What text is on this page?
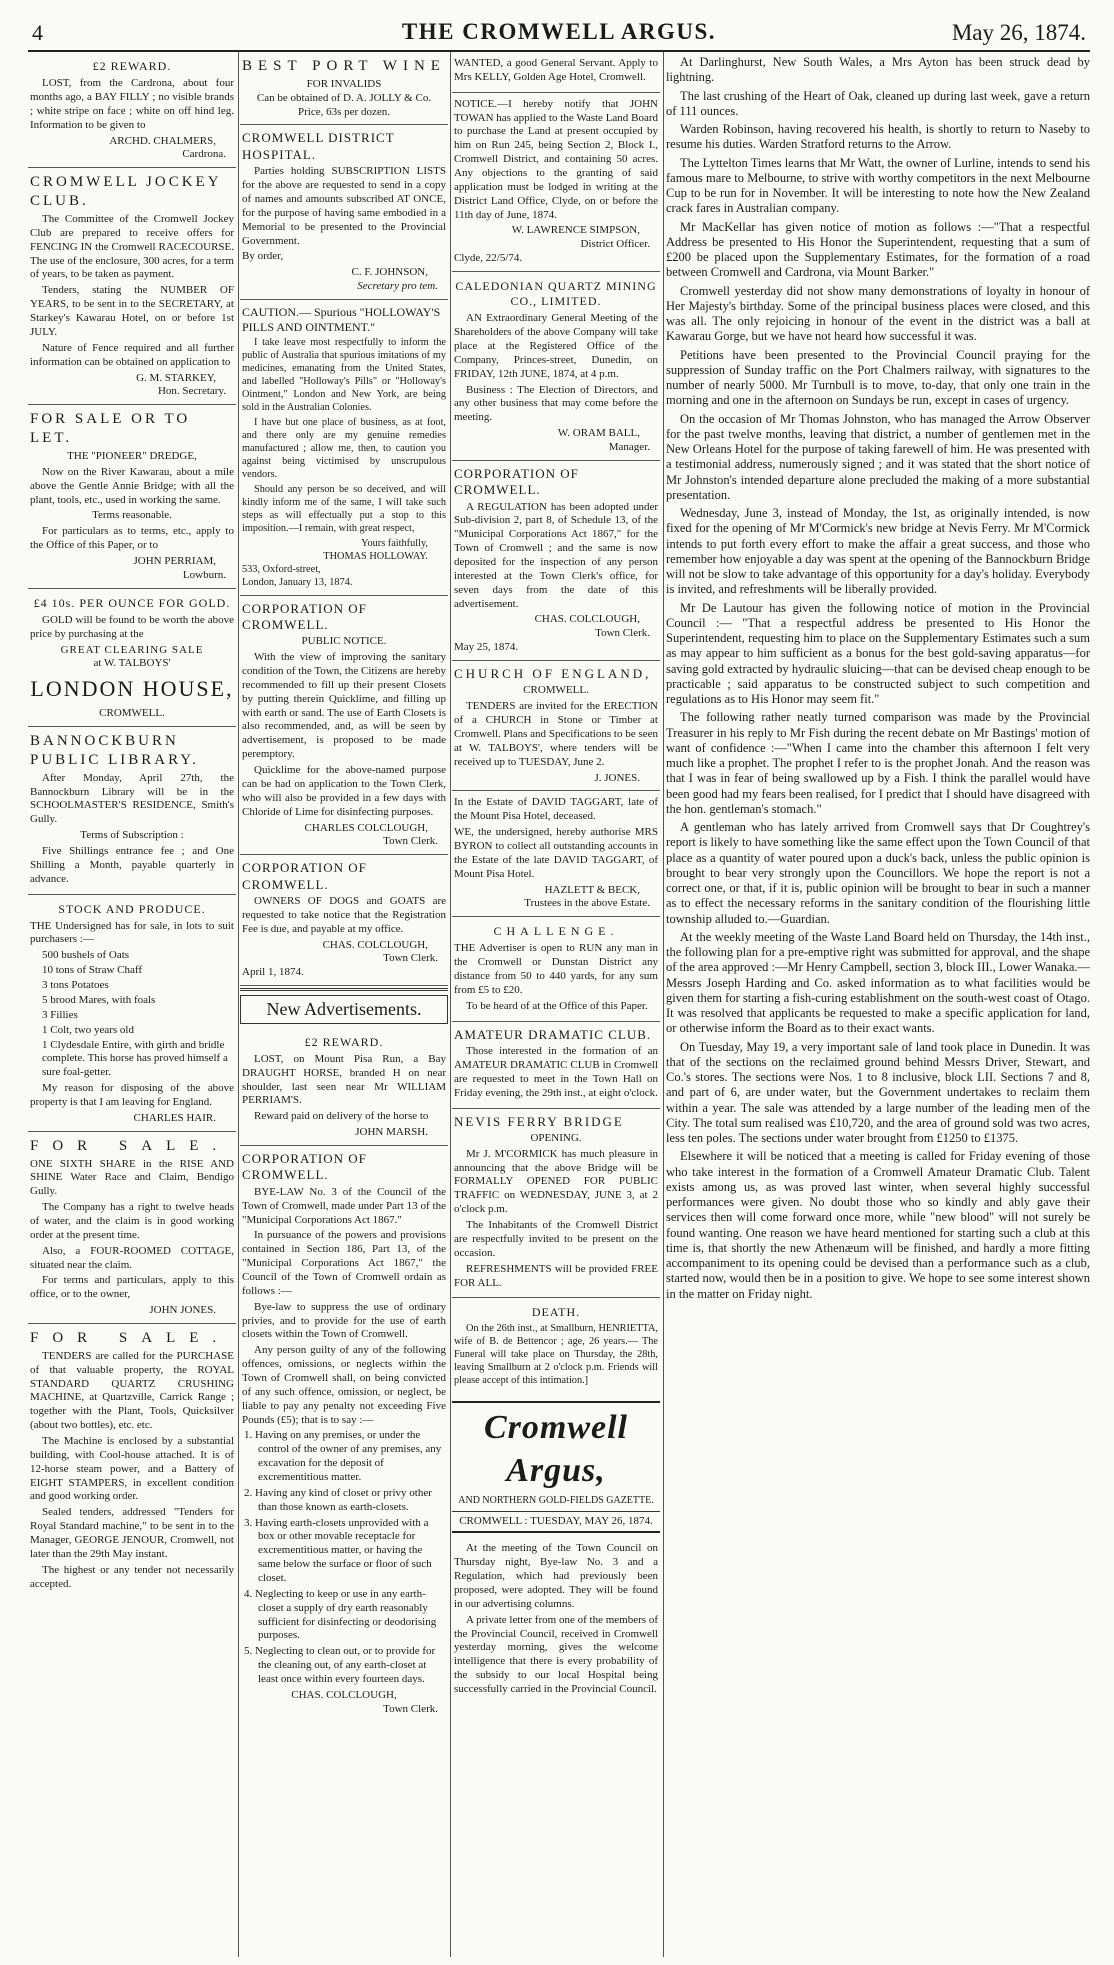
4	THE CROMWELL ARGUS.	May 26, 1874.
£2 REWARD.

LOST, from the Cardrona, about four months ago, a BAY FILLY ; no visible brands ; white stripe on face ; white on off hind leg. Information to be given to

ARCHD. CHALMERS,
Cardrona.
CROMWELL JOCKEY CLUB.

The Committee of the Cromwell Jockey Club are prepared to receive offers for FENCING IN the Cromwell RACECOURSE. The use of the enclosure, 300 acres, for a term of years, to be taken as payment.

Tenders, stating the NUMBER OF YEARS, to be sent in to the SECRETARY, at Starkey's Kawarau Hotel, on or before 1st JULY.

Nature of Fence required and all further information can be obtained on application to

G. M. STARKEY,
Hon. Secretary.
FOR SALE OR TO LET.
THE "PIONEER" DREDGE,

Now on the River Kawarau, about a mile above the Gentle Annie Bridge; with all the plant, tools, etc., used in working the same.

Terms reasonable.

For particulars as to terms, etc., apply to the Office of this Paper, or to

JOHN PERRIAM,
Lowburn.
£4 10s. PER OUNCE FOR GOLD.

GOLD will be found to be worth the above price by purchasing at the

GREAT CLEARING SALE
at W. TALBOYS'
LONDON HOUSE,
CROMWELL.
BANNOCKBURN PUBLIC LIBRARY.

After Monday, April 27th, the Bannockburn Library will be in the SCHOOLMASTER'S RESIDENCE, Smith's Gully.

Terms of Subscription :

Five Shillings entrance fee ; and One Shilling a Month, payable quarterly in advance.

STOCK AND PRODUCE.

THE Undersigned has for sale, in lots to suit purchasers :—

500 bushels of Oats
10 tons of Straw Chaff
3 tons Potatoes
5 brood Mares, with foals
3 Fillies
1 Colt, two years old
1 Clydesdale Entire, with girth and bridle complete. This horse has proved himself a sure foal-getter.

My reason for disposing of the above property is that I am leaving for England.

CHARLES HAIR.
FOR SALE.

ONE SIXTH SHARE in the RISE AND SHINE Water Race and Claim, Bendigo Gully.

The Company has a right to twelve heads of water, and the claim is in good working order at the present time.

Also, a FOUR-ROOMED COTTAGE, situated near the claim.

For terms and particulars, apply to this office, or to the owner,

JOHN JONES.
FOR SALE.

TENDERS are called for the PURCHASE of that valuable property, the ROYAL STANDARD QUARTZ CRUSHING MACHINE, at Quartzville, Carrick Range ; together with the Plant, Tools, Quicksilver (about two bottles), etc. etc.

The Machine is enclosed by a substantial building, with Cool-house attached. It is of 12-horse steam power, and a Battery of EIGHT STAMPERS, in excellent condition and good working order.

Sealed tenders, addressed "Tenders for Royal Standard machine," to be sent in to the Manager, GEORGE JENOUR, Cromwell, not later than the 29th May instant.

The highest or any tender not necessarily accepted.

BEST PORT WINE
FOR INVALIDS
Can be obtained of D. A. JOLLY & Co.
Price, 63s per dozen.
CROMWELL DISTRICT HOSPITAL.

Parties holding SUBSCRIPTION LISTS for the above are requested to send in a copy of names and amounts subscribed AT ONCE, for the purpose of having same embodied in a Memorial to be presented to the Provincial Government.

By order,

C. F. JOHNSON,
Secretary pro tem.
CAUTION.— Spurious "HOLLOWAY'S PILLS AND OINTMENT."

I take leave most respectfully to inform the public of Australia that spurious imitations of my medicines, emanating from the United States, and labelled "Holloway's Pills" or "Holloway's Ointment," London and New York, are being sold in the Australian Colonies.

I have but one place of business, as at foot, and there only are my genuine remedies manufactured ; allow me, then, to caution you against being victimised by unscrupulous vendors.

Should any person be so deceived, and will kindly inform me of the same, I will take such steps as will effectually put a stop to this imposition.—I remain, with great respect,

Yours faithfully,
THOMAS HOLLOWAY.
533, Oxford-street,
London, January 13, 1874.
CORPORATION OF CROMWELL.
PUBLIC NOTICE.

With the view of improving the sanitary condition of the Town, the Citizens are hereby recommended to fill up their present Closets by putting therein Quicklime, and filling up with earth or sand. The use of Earth Closets is also recommended, and, as will be seen by advertisement, is proposed to be made peremptory.

Quicklime for the above-named purpose can be had on application to the Town Clerk, who will also be provided in a few days with Chloride of Lime for disinfecting purposes.

CHARLES COLCLOUGH,
Town Clerk.
CORPORATION OF CROMWELL.

OWNERS OF DOGS and GOATS are requested to take notice that the Registration Fee is due, and payable at my office.

CHAS. COLCLOUGH,
Town Clerk.
April 1, 1874.
New Advertisements.
£2 REWARD.

LOST, on Mount Pisa Run, a Bay DRAUGHT HORSE, branded H on near shoulder, last seen near Mr WILLIAM PERRIAM'S.

Reward paid on delivery of the horse to

JOHN MARSH.
CORPORATION OF CROMWELL.

BYE-LAW No. 3 of the Council of the Town of Cromwell, made under Part 13 of the "Municipal Corporations Act 1867."

In pursuance of the powers and provisions contained in Section 186, Part 13, of the "Municipal Corporations Act 1867," the Council of the Town of Cromwell ordain as follows :—

Bye-law to suppress the use of ordinary privies, and to provide for the use of earth closets within the Town of Cromwell.

Any person guilty of any of the following offences, omissions, or neglects within the Town of Cromwell shall, on being convicted of any such offence, omission, or neglect, be liable to pay any penalty not exceeding Five Pounds (£5); that is to say :—

1. Having on any premises, or under the control of the owner of any premises, any excavation for the deposit of excrementitious matter.
2. Having any kind of closet or privy other than those known as earth-closets.
3. Having earth-closets unprovided with a box or other movable receptacle for excrementitious matter, or having the same below the surface or floor of such closet.
4. Neglecting to keep or use in any earth-closet a supply of dry earth reasonably sufficient for disinfecting or deodorising purposes.
5. Neglecting to clean out, or to provide for the cleaning out, of any earth-closet at least once within every fourteen days.
CHAS. COLCLOUGH,
Town Clerk.

WANTED, a good General Servant. Apply to Mrs KELLY, Golden Age Hotel, Cromwell.

NOTICE.—I hereby notify that JOHN TOWAN has applied to the Waste Land Board to purchase the Land at present occupied by him on Run 245, being Section 2, Block I., Cromwell District, and containing 50 acres. Any objections to the granting of said application must be lodged in writing at the District Land Office, Clyde, on or before the 11th day of June, 1874.

W. LAWRENCE SIMPSON,
District Officer.
Clyde, 22/5/74.
CALEDONIAN QUARTZ MINING CO., LIMITED.

AN Extraordinary General Meeting of the Shareholders of the above Company will take place at the Registered Office of the Company, Princes-street, Dunedin, on FRIDAY, 12th JUNE, 1874, at 4 p.m.

Business : The Election of Directors, and any other business that may come before the meeting.

W. ORAM BALL,
Manager.
CORPORATION OF CROMWELL.

A REGULATION has been adopted under Sub-division 2, part 8, of Schedule 13, of the "Municipal Corporations Act 1867," for the Town of Cromwell ; and the same is now deposited for the inspection of any person interested at the Town Clerk's office, for seven days from the date of this advertisement.

CHAS. COLCLOUGH,
Town Clerk.
May 25, 1874.
CHURCH OF ENGLAND,
CROMWELL.

TENDERS are invited for the ERECTION of a CHURCH in Stone or Timber at Cromwell. Plans and Specifications to be seen at W. TALBOYS', where tenders will be received up to TUESDAY, June 2.

J. JONES.

In the Estate of DAVID TAGGART, late of the Mount Pisa Hotel, deceased.

WE, the undersigned, hereby authorise MRS BYRON to collect all outstanding accounts in the Estate of the late DAVID TAGGART, of Mount Pisa Hotel.

HAZLETT & BECK,
Trustees in the above Estate.
CHALLENGE.

THE Advertiser is open to RUN any man in the Cromwell or Dunstan District any distance from 50 to 440 yards, for any sum from £5 to £20.

To be heard of at the Office of this Paper.

AMATEUR DRAMATIC CLUB.

Those interested in the formation of an AMATEUR DRAMATIC CLUB in Cromwell are requested to meet in the Town Hall on Friday evening, the 29th inst., at eight o'clock.

NEVIS FERRY BRIDGE
OPENING.

Mr J. M'CORMICK has much pleasure in announcing that the above Bridge will be FORMALLY OPENED FOR PUBLIC TRAFFIC on WEDNESDAY, JUNE 3, at 2 o'clock p.m.

The Inhabitants of the Cromwell District are respectfully invited to be present on the occasion.

REFRESHMENTS will be provided FREE FOR ALL.

DEATH.

On the 26th inst., at Smallburn, HENRIETTA, wife of B. de Bettencor ; age, 26 years.— The Funeral will take place on Thursday, the 28th, leaving Smallburn at 2 o'clock p.m. Friends will please accept of this intimation.]

Cromwell Argus,
AND NORTHERN GOLD-FIELDS GAZETTE.
CROMWELL : TUESDAY, MAY 26, 1874.

At the meeting of the Town Council on Thursday night, Bye-law No. 3 and a Regulation, which had previously been proposed, were adopted. They will be found in our advertising columns.

A private letter from one of the members of the Provincial Council, received in Cromwell yesterday morning, gives the welcome intelligence that there is every probability of the subsidy to our local Hospital being successfully carried in the Provincial Council.

At Darlinghurst, New South Wales, a Mrs Ayton has been struck dead by lightning.

The last crushing of the Heart of Oak, cleaned up during last week, gave a return of 111 ounces.

Warden Robinson, having recovered his health, is shortly to return to Naseby to resume his duties. Warden Stratford returns to the Arrow.

The Lyttelton Times learns that Mr Watt, the owner of Lurline, intends to send his famous mare to Melbourne, to strive with worthy competitors in the next Melbourne Cup to be run for in November. It will be interesting to note how the New Zealand crack fares in Australian company.

Mr MacKellar has given notice of motion as follows :—"That a respectful Address be presented to His Honor the Superintendent, requesting that a sum of £200 be placed upon the Supplementary Estimates, for the formation of a road between Cromwell and Cardrona, via Mount Barker."

Cromwell yesterday did not show many demonstrations of loyalty in honour of Her Majesty's birthday. Some of the principal business places were closed, and this was all. The only rejoicing in honour of the event in the district was a ball at Kawarau Gorge, but we have not heard how successful it was.

Petitions have been presented to the Provincial Council praying for the suppression of Sunday traffic on the Port Chalmers railway, with signatures to the number of nearly 5000. Mr Turnbull is to move, to-day, that only one train in the morning and one in the afternoon on Sundays be run, except in cases of urgency.

On the occasion of Mr Thomas Johnston, who has managed the Arrow Observer for the past twelve months, leaving that district, a number of gentlemen met in the New Orleans Hotel for the purpose of taking farewell of him. He was presented with a testimonial address, numerously signed ; and it was stated that the short notice of Mr Johnston's intended departure alone precluded the making of a more substantial presentation.

Wednesday, June 3, instead of Monday, the 1st, as originally intended, is now fixed for the opening of Mr M'Cormick's new bridge at Nevis Ferry. Mr M'Cormick intends to put forth every effort to make the affair a great success, and those who remember how enjoyable a day was spent at the opening of the Bannockburn Bridge will not be slow to take advantage of this opportunity for a day's holiday. Everybody is invited, and refreshments will be liberally provided.

Mr De Lautour has given the following notice of motion in the Provincial Council :— "That a respectful address be presented to His Honor the Superintendent, requesting him to place on the Supplementary Estimates such a sum as may appear to him sufficient as a bonus for the best gold-saving apparatus—for saving gold extracted by hydraulic sluicing—that can be devised cheap enough to be practicable ; said apparatus to be constructed subject to such competition and regulations as to His Honor may seem fit."

The following rather neatly turned comparison was made by the Provincial Treasurer in his reply to Mr Fish during the recent debate on Mr Bastings' motion of want of confidence :—"When I came into the chamber this afternoon I felt very much like a prophet. The prophet I refer to is the prophet Jonah. And the reason was that I was in fear of being swallowed up by a Fish. I think the parallel would have been good had my fears been realised, for I predict that I should have disagreed with the hon. gentleman's stomach."

A gentleman who has lately arrived from Cromwell says that Dr Coughtrey's report is likely to have something like the same effect upon the Town Council of that place as a quantity of water poured upon a duck's back, unless the public opinion is brought to bear very strongly upon the Councillors. We hope the report is not a correct one, or that, if it is, public opinion will be brought to bear in such a manner as to effect the necessary reforms in the sanitary condition of the flourishing little township alluded to.—Guardian.

At the weekly meeting of the Waste Land Board held on Thursday, the 14th inst., the following plan for a pre-emptive right was submitted for approval, and the shape of the area approved :—Mr Henry Campbell, section 3, block III., Lower Wanaka.—Messrs Joseph Harding and Co. asked information as to what facilities would be given them for starting a fish-curing establishment on the south-west coast of Otago. It was resolved that applicants be requested to make a specific application for land, or otherwise inform the Board as to their exact wants.

On Tuesday, May 19, a very important sale of land took place in Dunedin. It was that of the sections on the reclaimed ground behind Messrs Driver, Stewart, and Co.'s stores. The sections were Nos. 1 to 8 inclusive, block LII. Sections 7 and 8, and part of 6, are under water, but the Government undertakes to reclaim them within a year. The sale was attended by a large number of the leading men of the City. The total sum realised was £10,720, and the area of ground sold was two acres, less ten poles. The sections under water brought from £1250 to £1375.

Elsewhere it will be noticed that a meeting is called for Friday evening of those who take interest in the formation of a Cromwell Amateur Dramatic Club. Talent exists among us, as was proved last winter, when several highly successful performances were given. No doubt those who so kindly and ably gave their services then will come forward once more, while "new blood" will not surely be found wanting. One reason we have heard mentioned for starting such a club at this time is, that shortly the new Athenæum will be finished, and hardly a more fitting accompaniment to its opening could be devised than a performance such as a club, started now, would then be in a position to give. We hope to see some interest shown in the matter on Friday night.
